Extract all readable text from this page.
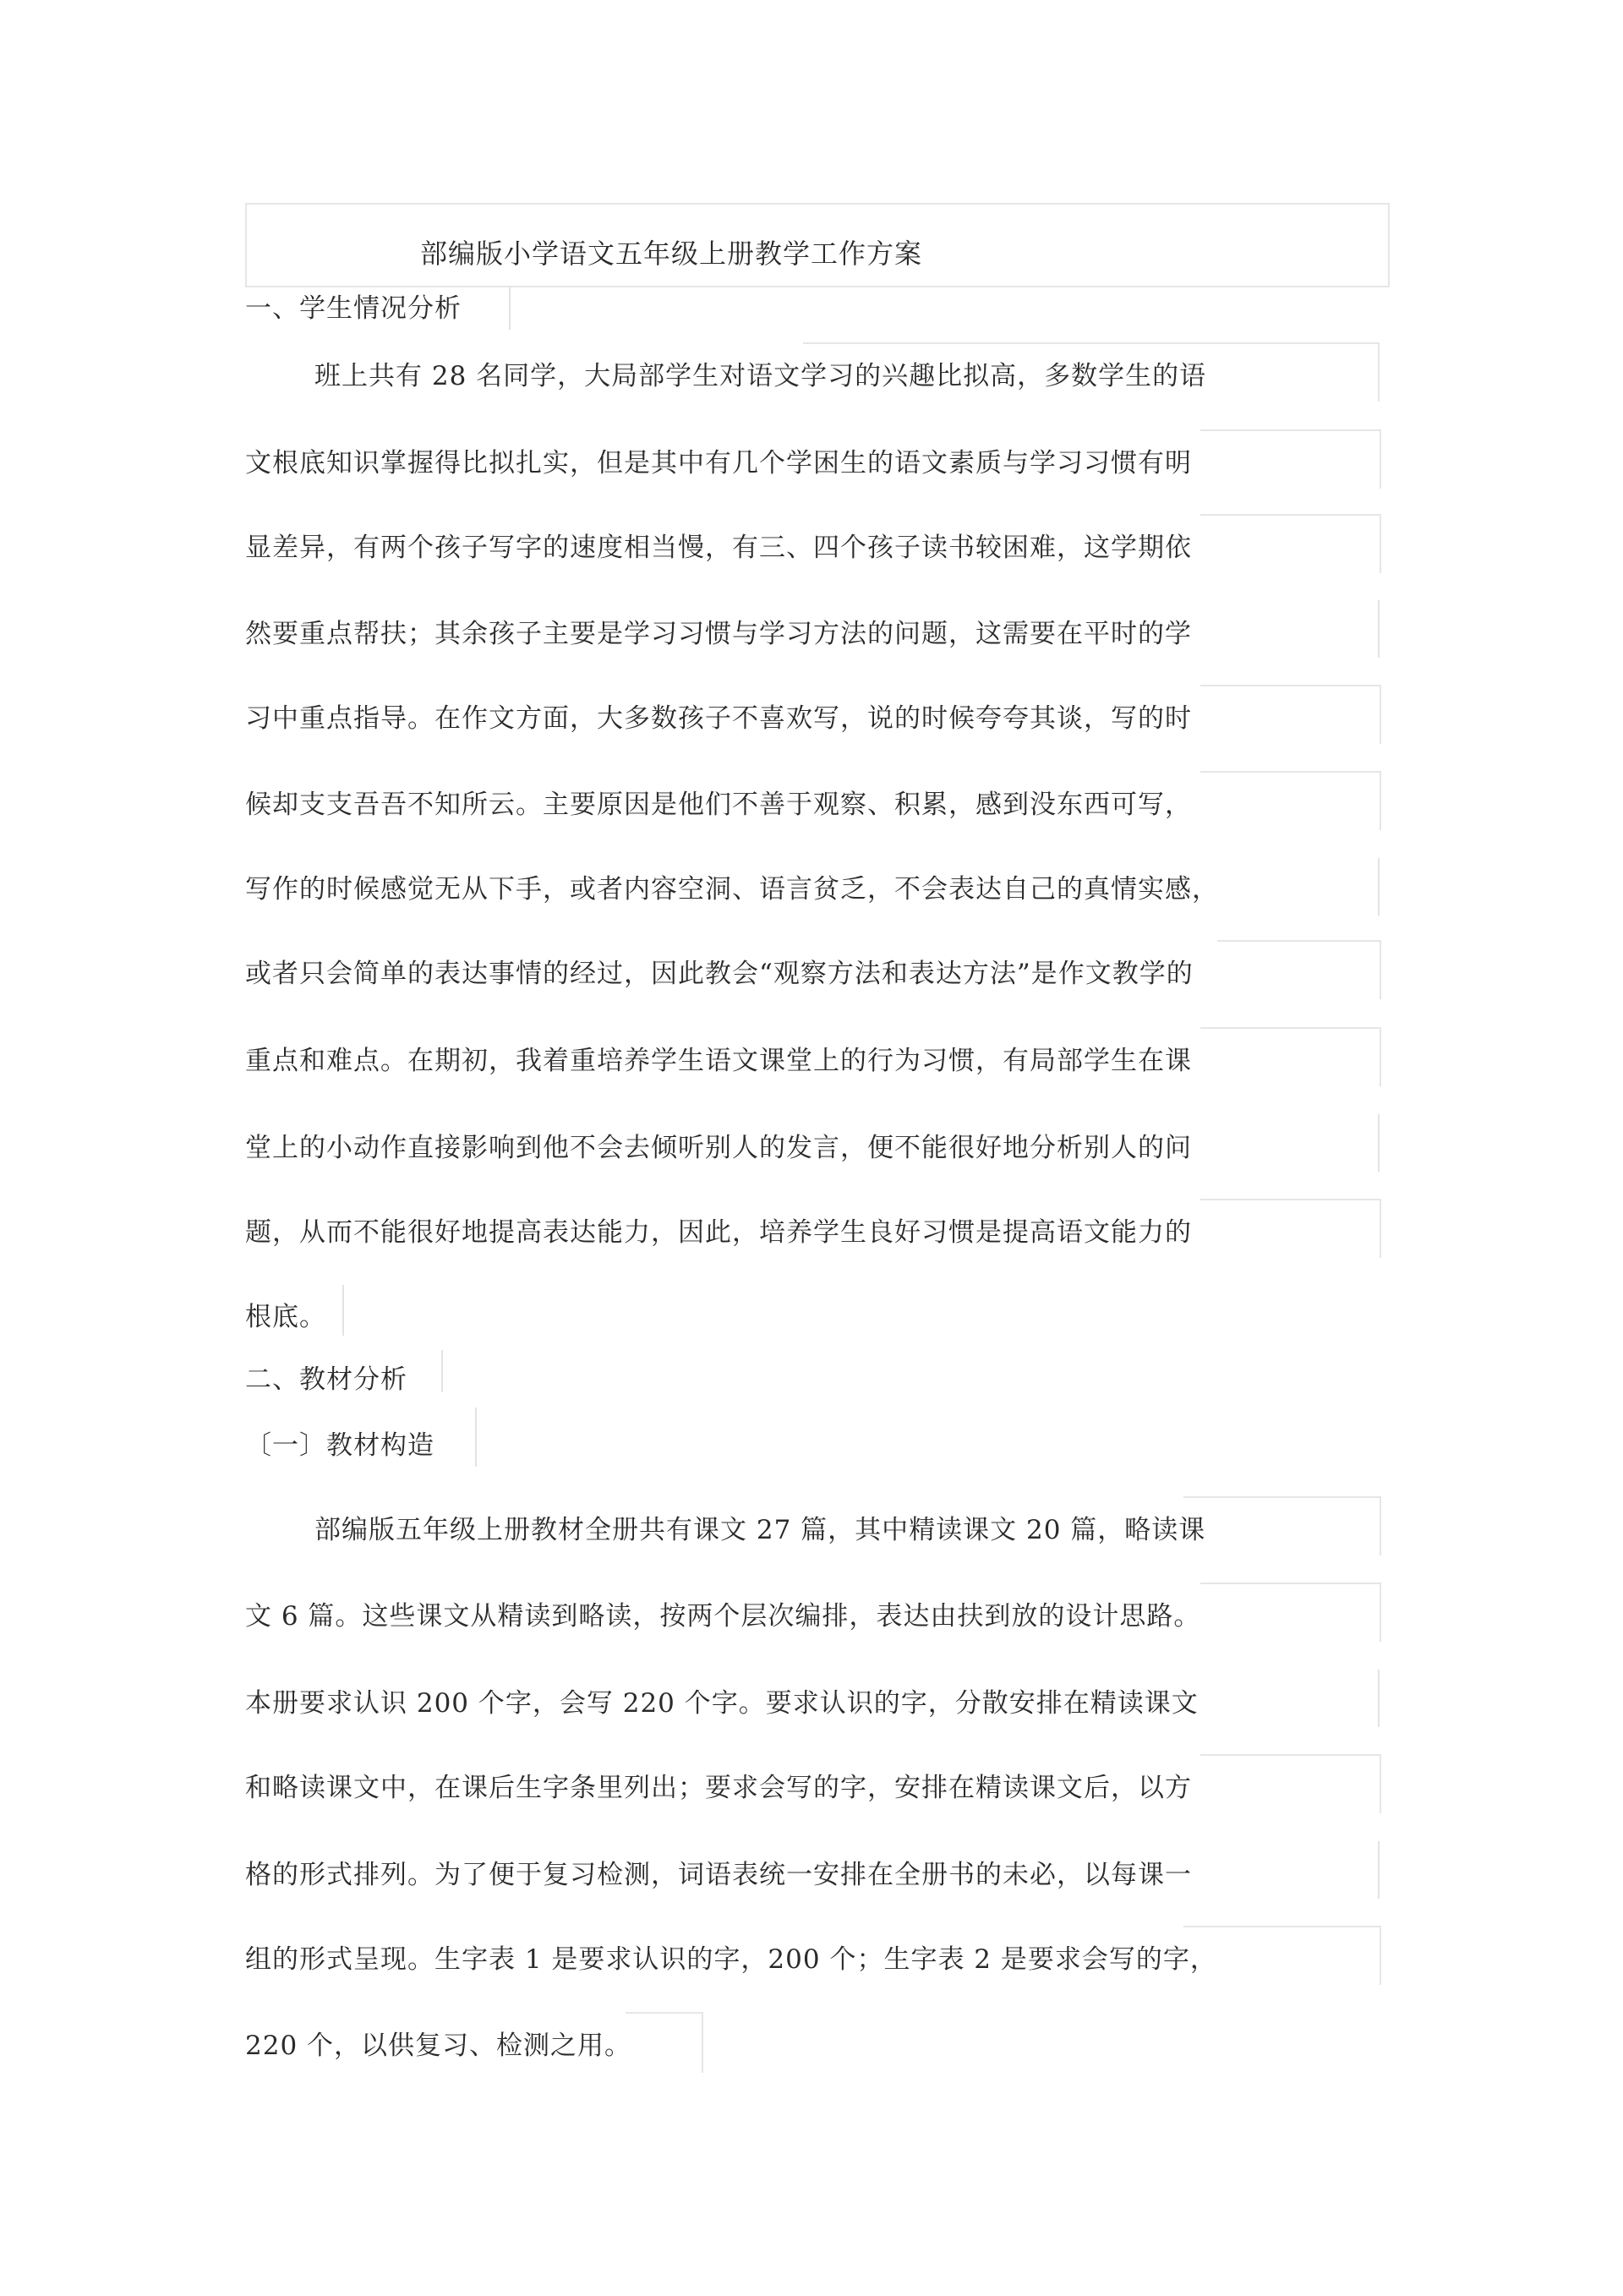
部编版小学语文五年级上册教学工作方案
一、学生情况分析
班上共有 28 名同学，大局部学生对语文学习的兴趣比拟高，多数学生的语
文根底知识掌握得比拟扎实，但是其中有几个学困生的语文素质与学习习惯有明
显差异，有两个孩子写字的速度相当慢，有三、四个孩子读书较困难，这学期依
然要重点帮扶；其余孩子主要是学习习惯与学习方法的问题，这需要在平时的学
习中重点指导。在作文方面，大多数孩子不喜欢写，说的时候夸夸其谈，写的时
候却支支吾吾不知所云。主要原因是他们不善于观察、积累，感到没东西可写，
写作的时候感觉无从下手，或者内容空洞、语言贫乏，不会表达自己的真情实感，
或者只会简单的表达事情的经过，因此教会“观察方法和表达方法”是作文教学的
重点和难点。在期初，我着重培养学生语文课堂上的行为习惯，有局部学生在课
堂上的小动作直接影响到他不会去倾听别人的发言，便不能很好地分析别人的问
题，从而不能很好地提高表达能力，因此，培养学生良好习惯是提高语文能力的
根底。
二、教材分析
〔一〕教材构造
部编版五年级上册教材全册共有课文 27 篇，其中精读课文 20 篇，略读课
文 6 篇。这些课文从精读到略读，按两个层次编排，表达由扶到放的设计思路。
本册要求认识 200 个字，会写 220 个字。要求认识的字，分散安排在精读课文
和略读课文中，在课后生字条里列出；要求会写的字，安排在精读课文后，以方
格的形式排列。为了便于复习检测，词语表统一安排在全册书的未必，以每课一
组的形式呈现。生字表 1 是要求认识的字，200 个；生字表 2 是要求会写的字，
220 个，以供复习、检测之用。
